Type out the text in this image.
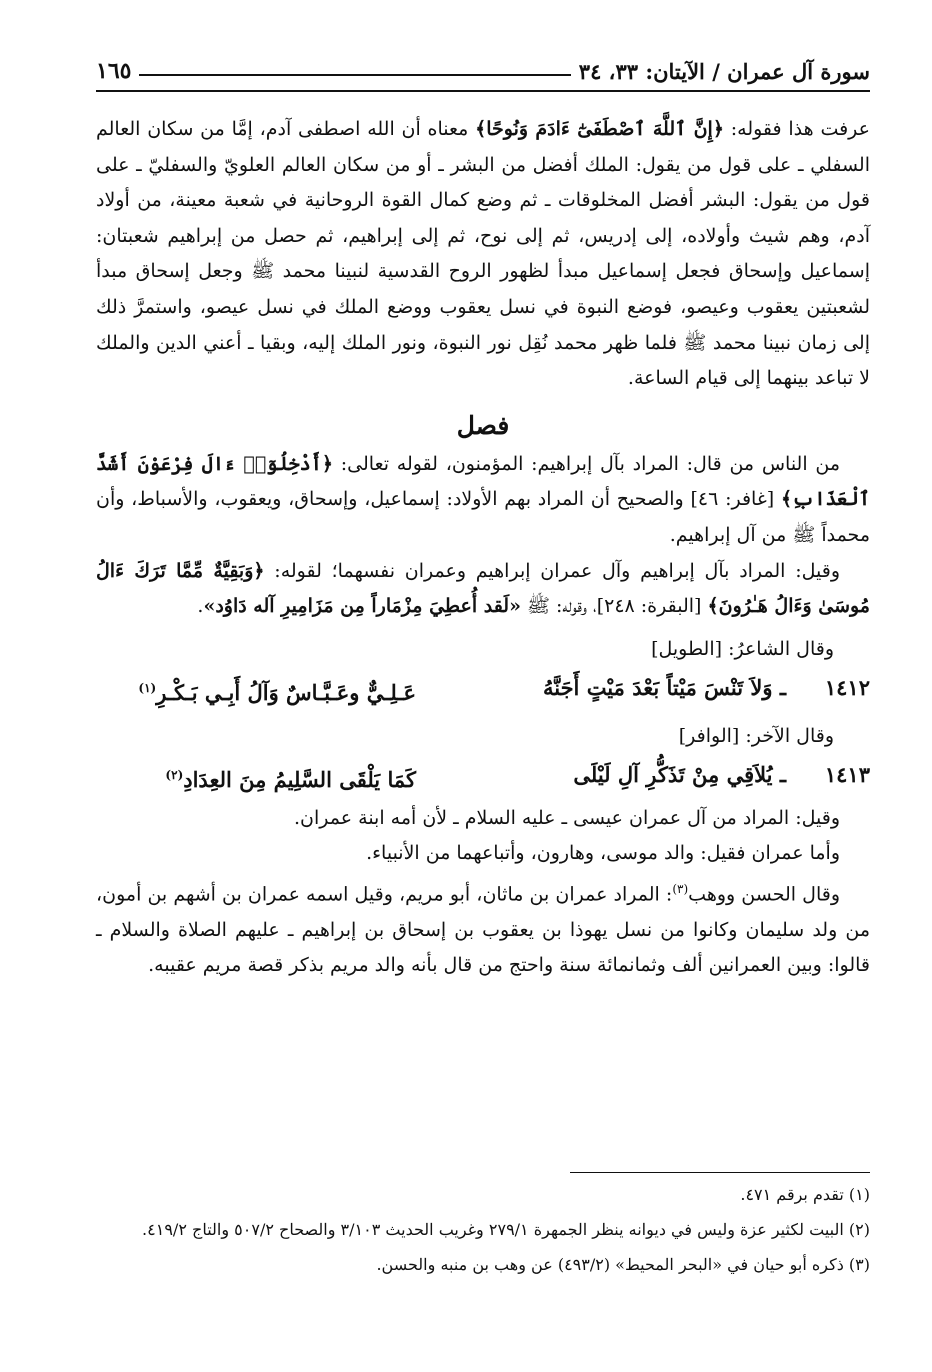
سورة آل عمران / الآيتان: ٣٣، ٣٤
١٦٥

عرفت هذا فقوله: ﴿إِنَّ ٱللَّهَ ٱصْطَفَىٰٓ ءَادَمَ وَنُوحًا﴾ معناه أن الله اصطفى آدم، إمَّا من سكان العالم السفلي ـ على قول من يقول: الملك أفضل من البشر ـ أو من سكان العالم العلويّ والسفليّ ـ على قول من يقول: البشر أفضل المخلوقات ـ ثم وضع كمال القوة الروحانية في شعبة معينة، من أولاد آدم، وهم شيث وأولاده، إلى إدريس، ثم إلى نوح، ثم إلى إبراهيم، ثم حصل من إبراهيم شعبتان: إسماعيل وإسحاق فجعل إسماعيل مبدأ لظهور الروح القدسية لنبينا محمد ﷺ وجعل إسحاق مبدأ لشعبتين يعقوب وعيصو، فوضع النبوة في نسل يعقوب ووضع الملك في نسل عيصو، واستمرَّ ذلك إلى زمان نبينا محمد ﷺ فلما ظهر محمد نُقِل نور النبوة، ونور الملك إليه، وبقيا ـ أعني الدين والملك لا تباعد بينهما إلى قيام الساعة.

فصل

من الناس من قال: المراد بآل إبراهيم: المؤمنون، لقوله تعالى: ﴿أَدْخِلُوٓا۟ ءَالَ فِرْعَوْنَ أَشَدَّ ٱلْعَذَابِ﴾ [غافر: ٤٦] والصحيح أن المراد بهم الأولاد: إسماعيل، وإسحاق، ويعقوب، والأسباط، وأن محمداً ﷺ من آل إبراهيم.

وقيل: المراد بآل إبراهيم وآل عمران إبراهيم وعمران نفسهما؛ لقوله: ﴿وَبَقِيَّةٌ مِّمَّا تَرَكَ ءَالُ مُوسَىٰ وَءَالُ هَـٰرُونَ﴾ [البقرة: ٢٤٨]، وقوله: ﷺ «لَقد أُعطِيَ مِزْمَاراً مِن مَزَامِيرِ آله دَاوُد».

وقال الشاعرُ: [الطويل]
١٤١٢
ـ وَلاَ تَنْسَ مَيْتاً بَعْدَ مَيْتٍ أَجَنَّهُ
عَـلِـيٌّ وعَـبَّـاسٌ وَآلُ أَبِـي بَـكْـرِ$^{(١)}$
وقال الآخر: [الوافر]
١٤١٣
ـ يُلاَقِي مِنْ تَذَكُّرِ آلِ لَيْلَى
كَمَا يَلْقَى السَّلِيمُ مِنَ العِدَادِ$^{(٢)}$

وقيل: المراد من آل عمران عيسى ـ عليه السلام ـ لأن أمه ابنة عمران.

وأما عمران فقيل: والد موسى، وهارون، وأتباعهما من الأنبياء.

وقال الحسن ووهب$^{(٣)}$: المراد عمران بن ماثان، أبو مريم، وقيل اسمه عمران بن أشهم بن أمون، من ولد سليمان وكانوا من نسل يهوذا بن يعقوب بن إسحاق بن إبراهيم ـ عليهم الصلاة والسلام ـ قالوا: وبين العمرانين ألف وثمانمائة سنة واحتج من قال بأنه والد مريم بذكر قصة مريم عقيبه.

(١) تقدم برقم ٤٧١.

(٢) البيت لكثير عزة وليس في ديوانه ينظر الجمهرة ٢٧٩/١ وغريب الحديث ٣/١٠٣ والصحاح ٥٠٧/٢ والتاج ٤١٩/٢.

(٣) ذكره أبو حيان في «البحر المحيط» (٤٩٣/٢) عن وهب بن منبه والحسن.
